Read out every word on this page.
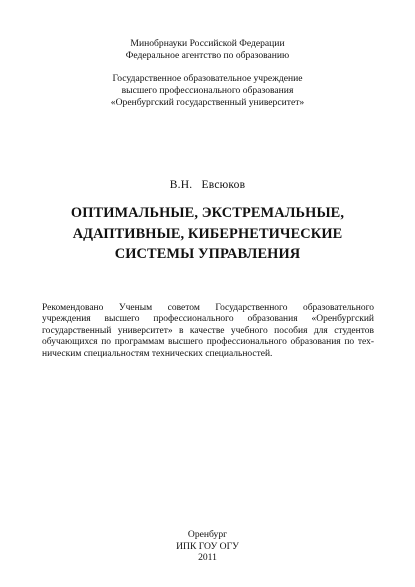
Минобрнауки Российской Федерации
Федеральное агентство по образованию
Государственное образовательное учреждение
высшего профессионального образования
«Оренбургский государственный университет»
В.Н.   Евсюков
ОПТИМАЛЬНЫЕ, ЭКСТРЕМАЛЬНЫЕ,
АДАПТИВНЫЕ, КИБЕРНЕТИЧЕСКИЕ
СИСТЕМЫ УПРАВЛЕНИЯ
Рекомендовано Ученым советом Государственного образовательного
учреждения высшего профессионального образования «Оренбургский
государственный университет» в качестве учебного пособия для студентов
обучающихся по программам высшего профессионального образования по тех-
ническим специальностям технических специальностей.
Оренбург
ИПК ГОУ ОГУ
2011
